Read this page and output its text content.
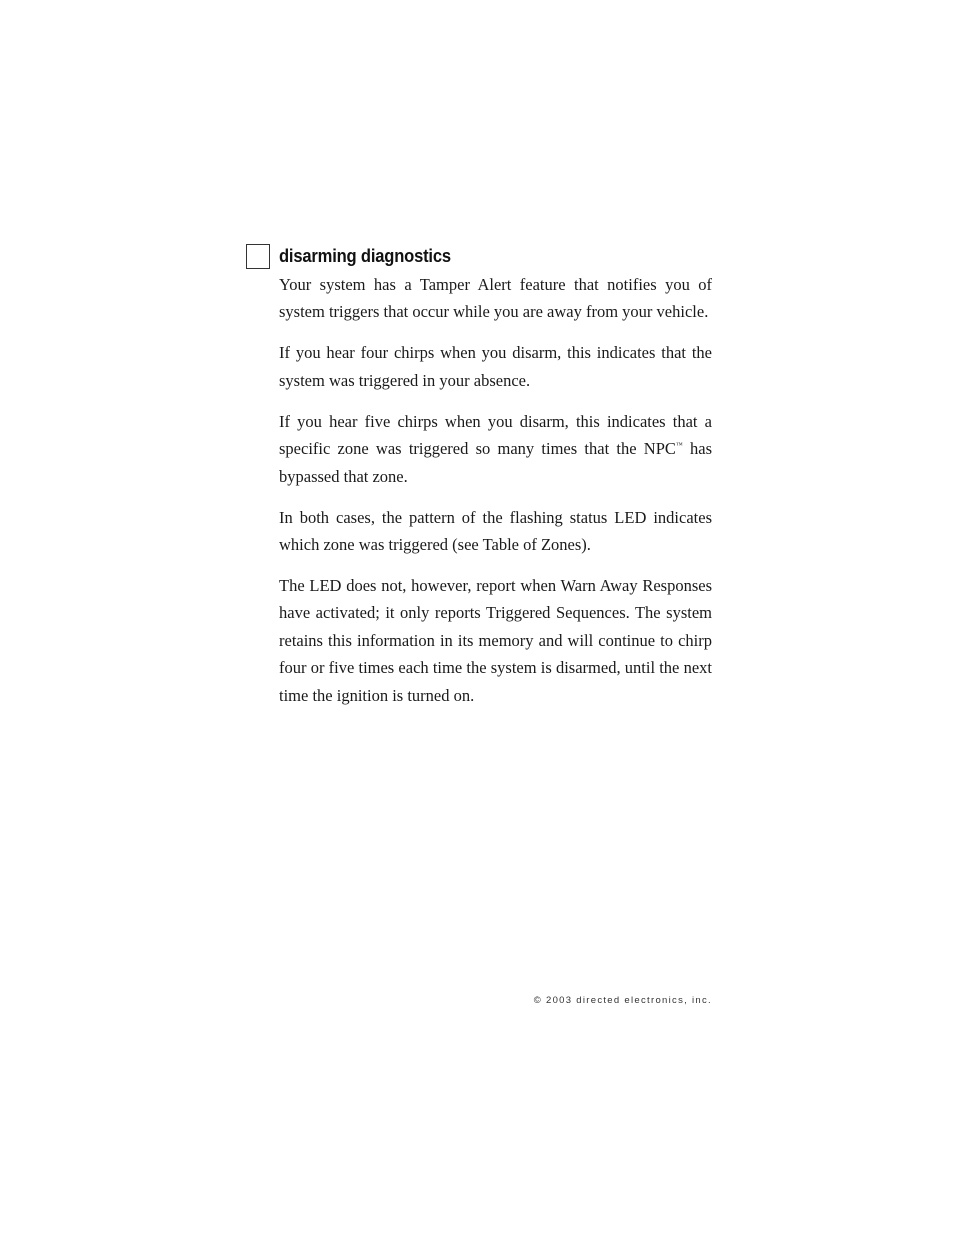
disarming diagnostics

Your system has a Tamper Alert feature that notifies you of system triggers that occur while you are away from your vehicle.

If you hear four chirps when you disarm, this indicates that the system was triggered in your absence.

If you hear five chirps when you disarm, this indicates that a specific zone was triggered so many times that the NPC™ has bypassed that zone.

In both cases, the pattern of the flashing status LED indicates which zone was triggered (see Table of Zones).

The LED does not, however, report when Warn Away Responses have activated; it only reports Triggered Sequences. The system retains this information in its memory and will continue to chirp four or five times each time the system is disarmed, until the next time the ignition is turned on.

© 2003 directed electronics, inc.
